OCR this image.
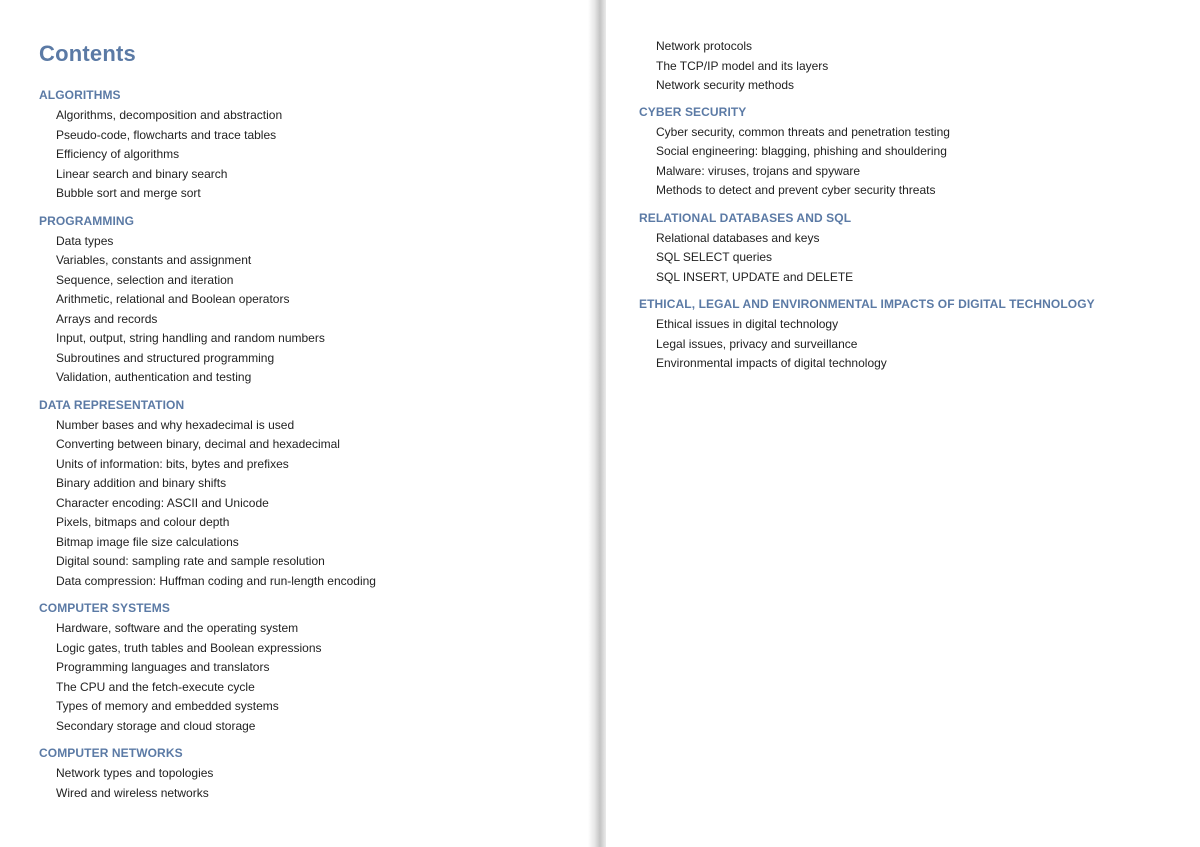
Contents
ALGORITHMS
Algorithms, decomposition and abstraction
Pseudo-code, flowcharts and trace tables
Efficiency of algorithms
Linear search and binary search
Bubble sort and merge sort
PROGRAMMING
Data types
Variables, constants and assignment
Sequence, selection and iteration
Arithmetic, relational and Boolean operators
Arrays and records
Input, output, string handling and random numbers
Subroutines and structured programming
Validation, authentication and testing
DATA REPRESENTATION
Number bases and why hexadecimal is used
Converting between binary, decimal and hexadecimal
Units of information: bits, bytes and prefixes
Binary addition and binary shifts
Character encoding: ASCII and Unicode
Pixels, bitmaps and colour depth
Bitmap image file size calculations
Digital sound: sampling rate and sample resolution
Data compression: Huffman coding and run-length encoding
COMPUTER SYSTEMS
Hardware, software and the operating system
Logic gates, truth tables and Boolean expressions
Programming languages and translators
The CPU and the fetch-execute cycle
Types of memory and embedded systems
Secondary storage and cloud storage
COMPUTER NETWORKS
Network types and topologies
Wired and wireless networks
Network protocols
The TCP/IP model and its layers
Network security methods
CYBER SECURITY
Cyber security, common threats and penetration testing
Social engineering: blagging, phishing and shouldering
Malware: viruses, trojans and spyware
Methods to detect and prevent cyber security threats
RELATIONAL DATABASES AND SQL
Relational databases and keys
SQL SELECT queries
SQL INSERT, UPDATE and DELETE
ETHICAL, LEGAL AND ENVIRONMENTAL IMPACTS OF DIGITAL TECHNOLOGY
Ethical issues in digital technology
Legal issues, privacy and surveillance
Environmental impacts of digital technology
